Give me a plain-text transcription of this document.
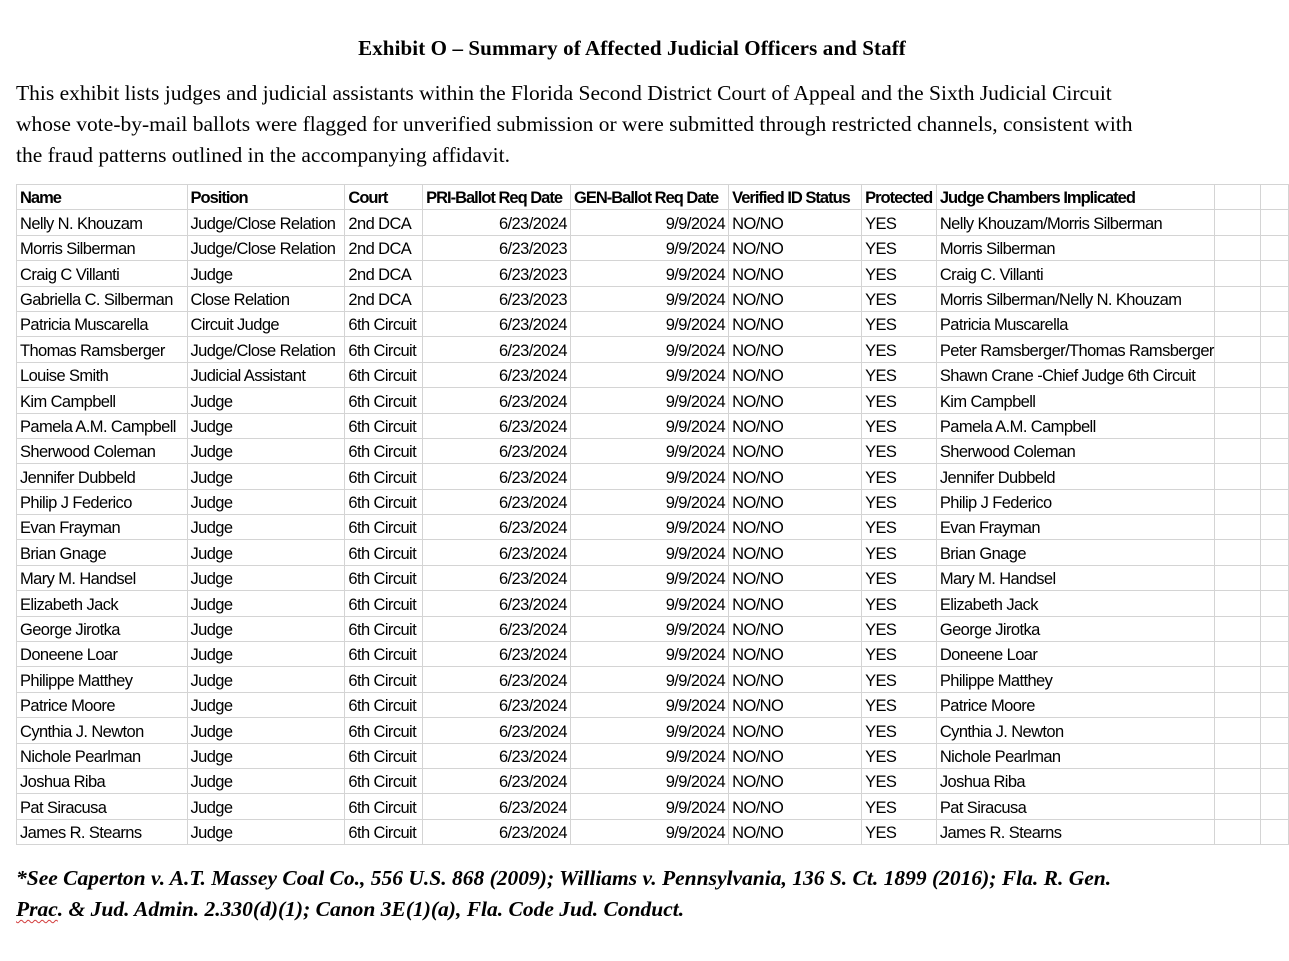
Exhibit O – Summary of Affected Judicial Officers and Staff
This exhibit lists judges and judicial assistants within the Florida Second District Court of Appeal and the Sixth Judicial Circuit
whose vote-by-mail ballots were flagged for unverified submission or were submitted through restricted channels, consistent with
the fraud patterns outlined in the accompanying affidavit.
Name	Position	Court	PRI-Ballot Req Date	GEN-Ballot Req Date	Verified ID Status	Protected	Judge Chambers Implicated		
Nelly N. Khouzam	Judge/Close Relation	2nd DCA	6/23/2024	9/9/2024	NO/NO	YES	Nelly Khouzam/Morris Silberman		
Morris Silberman	Judge/Close Relation	2nd DCA	6/23/2023	9/9/2024	NO/NO	YES	Morris Silberman		
Craig C Villanti	Judge	2nd DCA	6/23/2023	9/9/2024	NO/NO	YES	Craig C. Villanti		
Gabriella C. Silberman	Close Relation	2nd DCA	6/23/2023	9/9/2024	NO/NO	YES	Morris Silberman/Nelly N. Khouzam		
Patricia Muscarella	Circuit Judge	6th Circuit	6/23/2024	9/9/2024	NO/NO	YES	Patricia Muscarella		
Thomas Ramsberger	Judge/Close Relation	6th Circuit	6/23/2024	9/9/2024	NO/NO	YES	Peter Ramsberger/Thomas Ramsberger		
Louise Smith	Judicial Assistant	6th Circuit	6/23/2024	9/9/2024	NO/NO	YES	Shawn Crane -Chief Judge 6th Circuit		
Kim Campbell	Judge	6th Circuit	6/23/2024	9/9/2024	NO/NO	YES	Kim Campbell		
Pamela A.M. Campbell	Judge	6th Circuit	6/23/2024	9/9/2024	NO/NO	YES	Pamela A.M. Campbell		
Sherwood Coleman	Judge	6th Circuit	6/23/2024	9/9/2024	NO/NO	YES	Sherwood Coleman		
Jennifer Dubbeld	Judge	6th Circuit	6/23/2024	9/9/2024	NO/NO	YES	Jennifer Dubbeld		
Philip J Federico	Judge	6th Circuit	6/23/2024	9/9/2024	NO/NO	YES	Philip J Federico		
Evan Frayman	Judge	6th Circuit	6/23/2024	9/9/2024	NO/NO	YES	Evan Frayman		
Brian Gnage	Judge	6th Circuit	6/23/2024	9/9/2024	NO/NO	YES	Brian Gnage		
Mary M. Handsel	Judge	6th Circuit	6/23/2024	9/9/2024	NO/NO	YES	Mary M. Handsel		
Elizabeth Jack	Judge	6th Circuit	6/23/2024	9/9/2024	NO/NO	YES	Elizabeth Jack		
George Jirotka	Judge	6th Circuit	6/23/2024	9/9/2024	NO/NO	YES	George Jirotka		
Doneene Loar	Judge	6th Circuit	6/23/2024	9/9/2024	NO/NO	YES	Doneene Loar		
Philippe Matthey	Judge	6th Circuit	6/23/2024	9/9/2024	NO/NO	YES	Philippe Matthey		
Patrice Moore	Judge	6th Circuit	6/23/2024	9/9/2024	NO/NO	YES	Patrice Moore		
Cynthia J. Newton	Judge	6th Circuit	6/23/2024	9/9/2024	NO/NO	YES	Cynthia J. Newton		
Nichole Pearlman	Judge	6th Circuit	6/23/2024	9/9/2024	NO/NO	YES	Nichole Pearlman		
Joshua Riba	Judge	6th Circuit	6/23/2024	9/9/2024	NO/NO	YES	Joshua Riba		
Pat Siracusa	Judge	6th Circuit	6/23/2024	9/9/2024	NO/NO	YES	Pat Siracusa		
James R. Stearns	Judge	6th Circuit	6/23/2024	9/9/2024	NO/NO	YES	James R. Stearns		
*See Caperton v. A.T. Massey Coal Co., 556 U.S. 868 (2009); Williams v. Pennsylvania, 136 S. Ct. 1899 (2016); Fla. R. Gen.
Prac. & Jud. Admin. 2.330(d)(1); Canon 3E(1)(a), Fla. Code Jud. Conduct.
